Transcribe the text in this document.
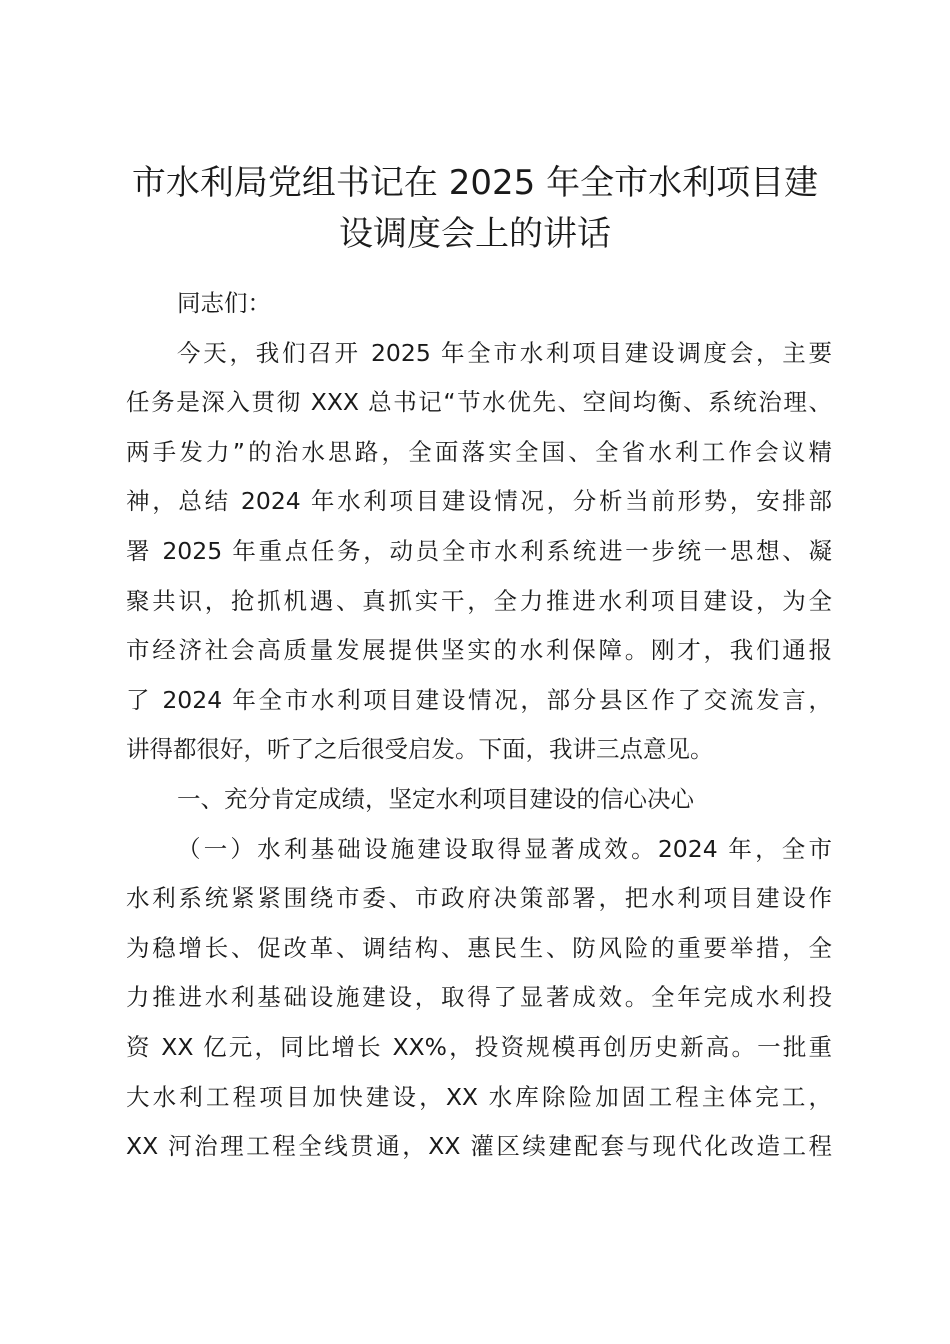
市水利局党组书记在 2025 年全市水利项目建
设调度会上的讲话
同志们：
今天，我们召开 2025 年全市水利项目建设调度会，主要
任务是深入贯彻 XXX 总书记“节水优先、空间均衡、系统治理、
两手发力”的治水思路，全面落实全国、全省水利工作会议精
神，总结 2024 年水利项目建设情况，分析当前形势，安排部
署 2025 年重点任务，动员全市水利系统进一步统一思想、凝
聚共识，抢抓机遇、真抓实干，全力推进水利项目建设，为全
市经济社会高质量发展提供坚实的水利保障。刚才，我们通报
了 2024 年全市水利项目建设情况，部分县区作了交流发言，
讲得都很好，听了之后很受启发。下面，我讲三点意见。
一、充分肯定成绩，坚定水利项目建设的信心决心
（一）水利基础设施建设取得显著成效。2024 年，全市
水利系统紧紧围绕市委、市政府决策部署，把水利项目建设作
为稳增长、促改革、调结构、惠民生、防风险的重要举措，全
力推进水利基础设施建设，取得了显著成效。全年完成水利投
资 XX 亿元，同比增长 XX%，投资规模再创历史新高。一批重
大水利工程项目加快建设，XX 水库除险加固工程主体完工，
XX 河治理工程全线贯通，XX 灌区续建配套与现代化改造工程
